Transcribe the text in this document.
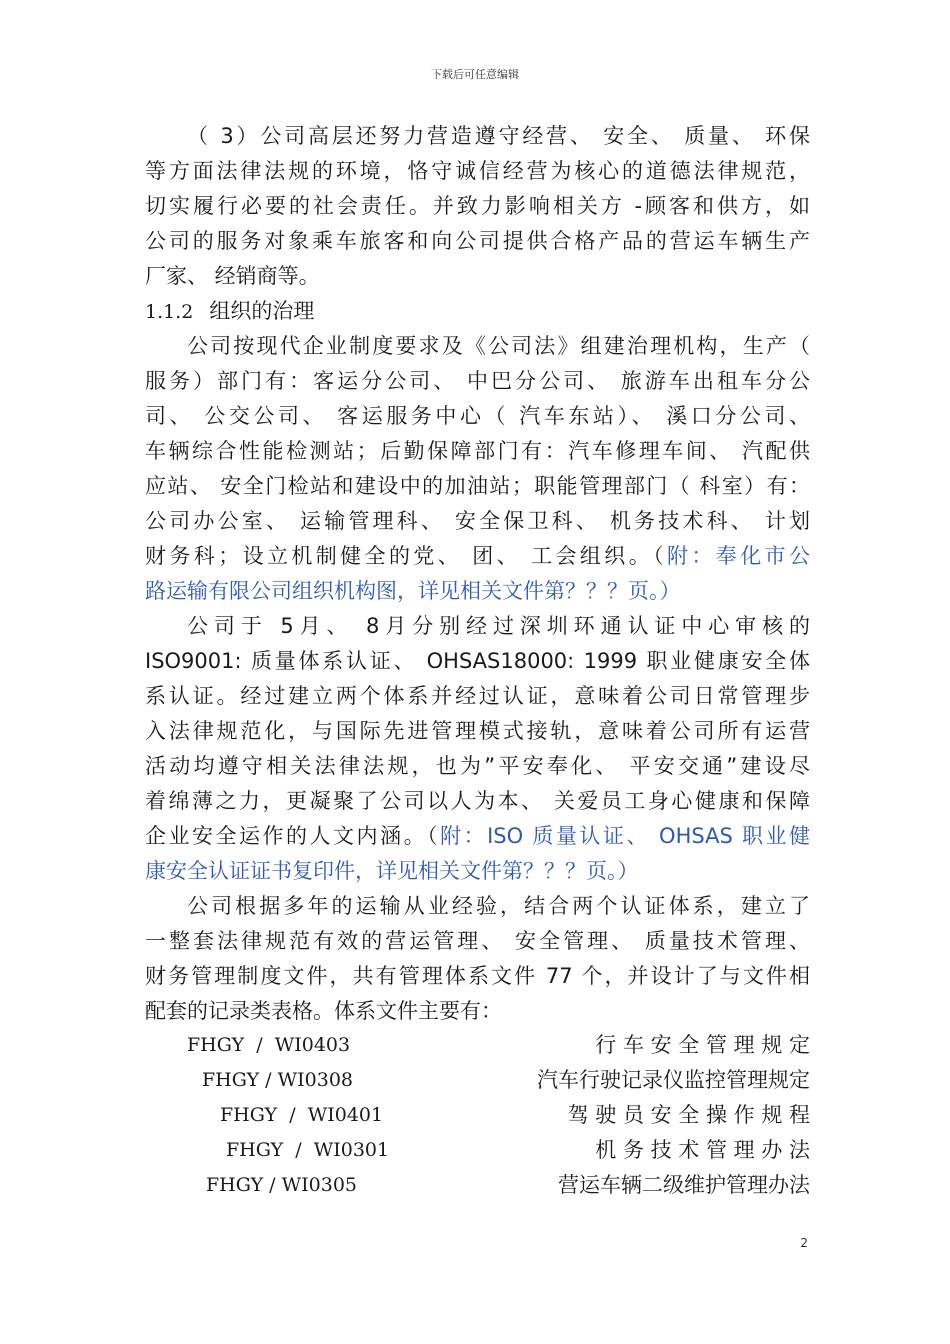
下载后可任意编辑
（ 3）公司高层还努力营造遵守经营、 安全、 质量、 环保
等方面法律法规的环境，恪守诚信经营为核心的道德法律规范，
切实履行必要的社会责任。并致力影响相关方 -顾客和供方，如
公司的服务对象乘车旅客和向公司提供合格产品的营运车辆生产
厂家、 经销商等。
1.1.2 组织的治理
公司按现代企业制度要求及《公司法》组建治理机构，生产（
服务）部门有：客运分公司、 中巴分公司、 旅游车出租车分公
司、 公交公司、 客运服务中心（ 汽车东站）、 溪口分公司、
车辆综合性能检测站；后勤保障部门有：汽车修理车间、 汽配供
应站、 安全门检站和建设中的加油站；职能管理部门（ 科室）有：
公司办公室、 运输管理科、 安全保卫科、 机务技术科、 计划
财务科；设立机制健全的党、 团、 工会组织。（附：奉化市公
路运输有限公司组织机构图，详见相关文件第？？？页。）
公司于 5月、 8月分别经过深圳环通认证中心审核的
ISO9001: 质量体系认证、 OHSAS18000: 1999 职业健康安全体
系认证。经过建立两个体系并经过认证，意味着公司日常管理步
入法律规范化，与国际先进管理模式接轨，意味着公司所有运营
活动均遵守相关法律法规，也为”平安奉化、 平安交通”建设尽
着绵薄之力，更凝聚了公司以人为本、 关爱员工身心健康和保障
企业安全运作的人文内涵。（附：ISO 质量认证、 OHSAS 职业健
康安全认证证书复印件，详见相关文件第？？？页。）
公司根据多年的运输从业经验，结合两个认证体系，建立了
一整套法律规范有效的营运管理、 安全管理、 质量技术管理、
财务管理制度文件，共有管理体系文件 77 个，并设计了与文件相
配套的记录类表格。体系文件主要有：
FHGY  /  WI0403	行 车 安 全 管 理 规 定
FHGY / WI0308	汽车行驶记录仪监控管理规定
FHGY  /  WI0401	驾 驶 员 安 全 操 作 规 程
FHGY  /  WI0301	机 务 技 术 管 理 办 法
FHGY / WI0305	营运车辆二级维护管理办法
2
